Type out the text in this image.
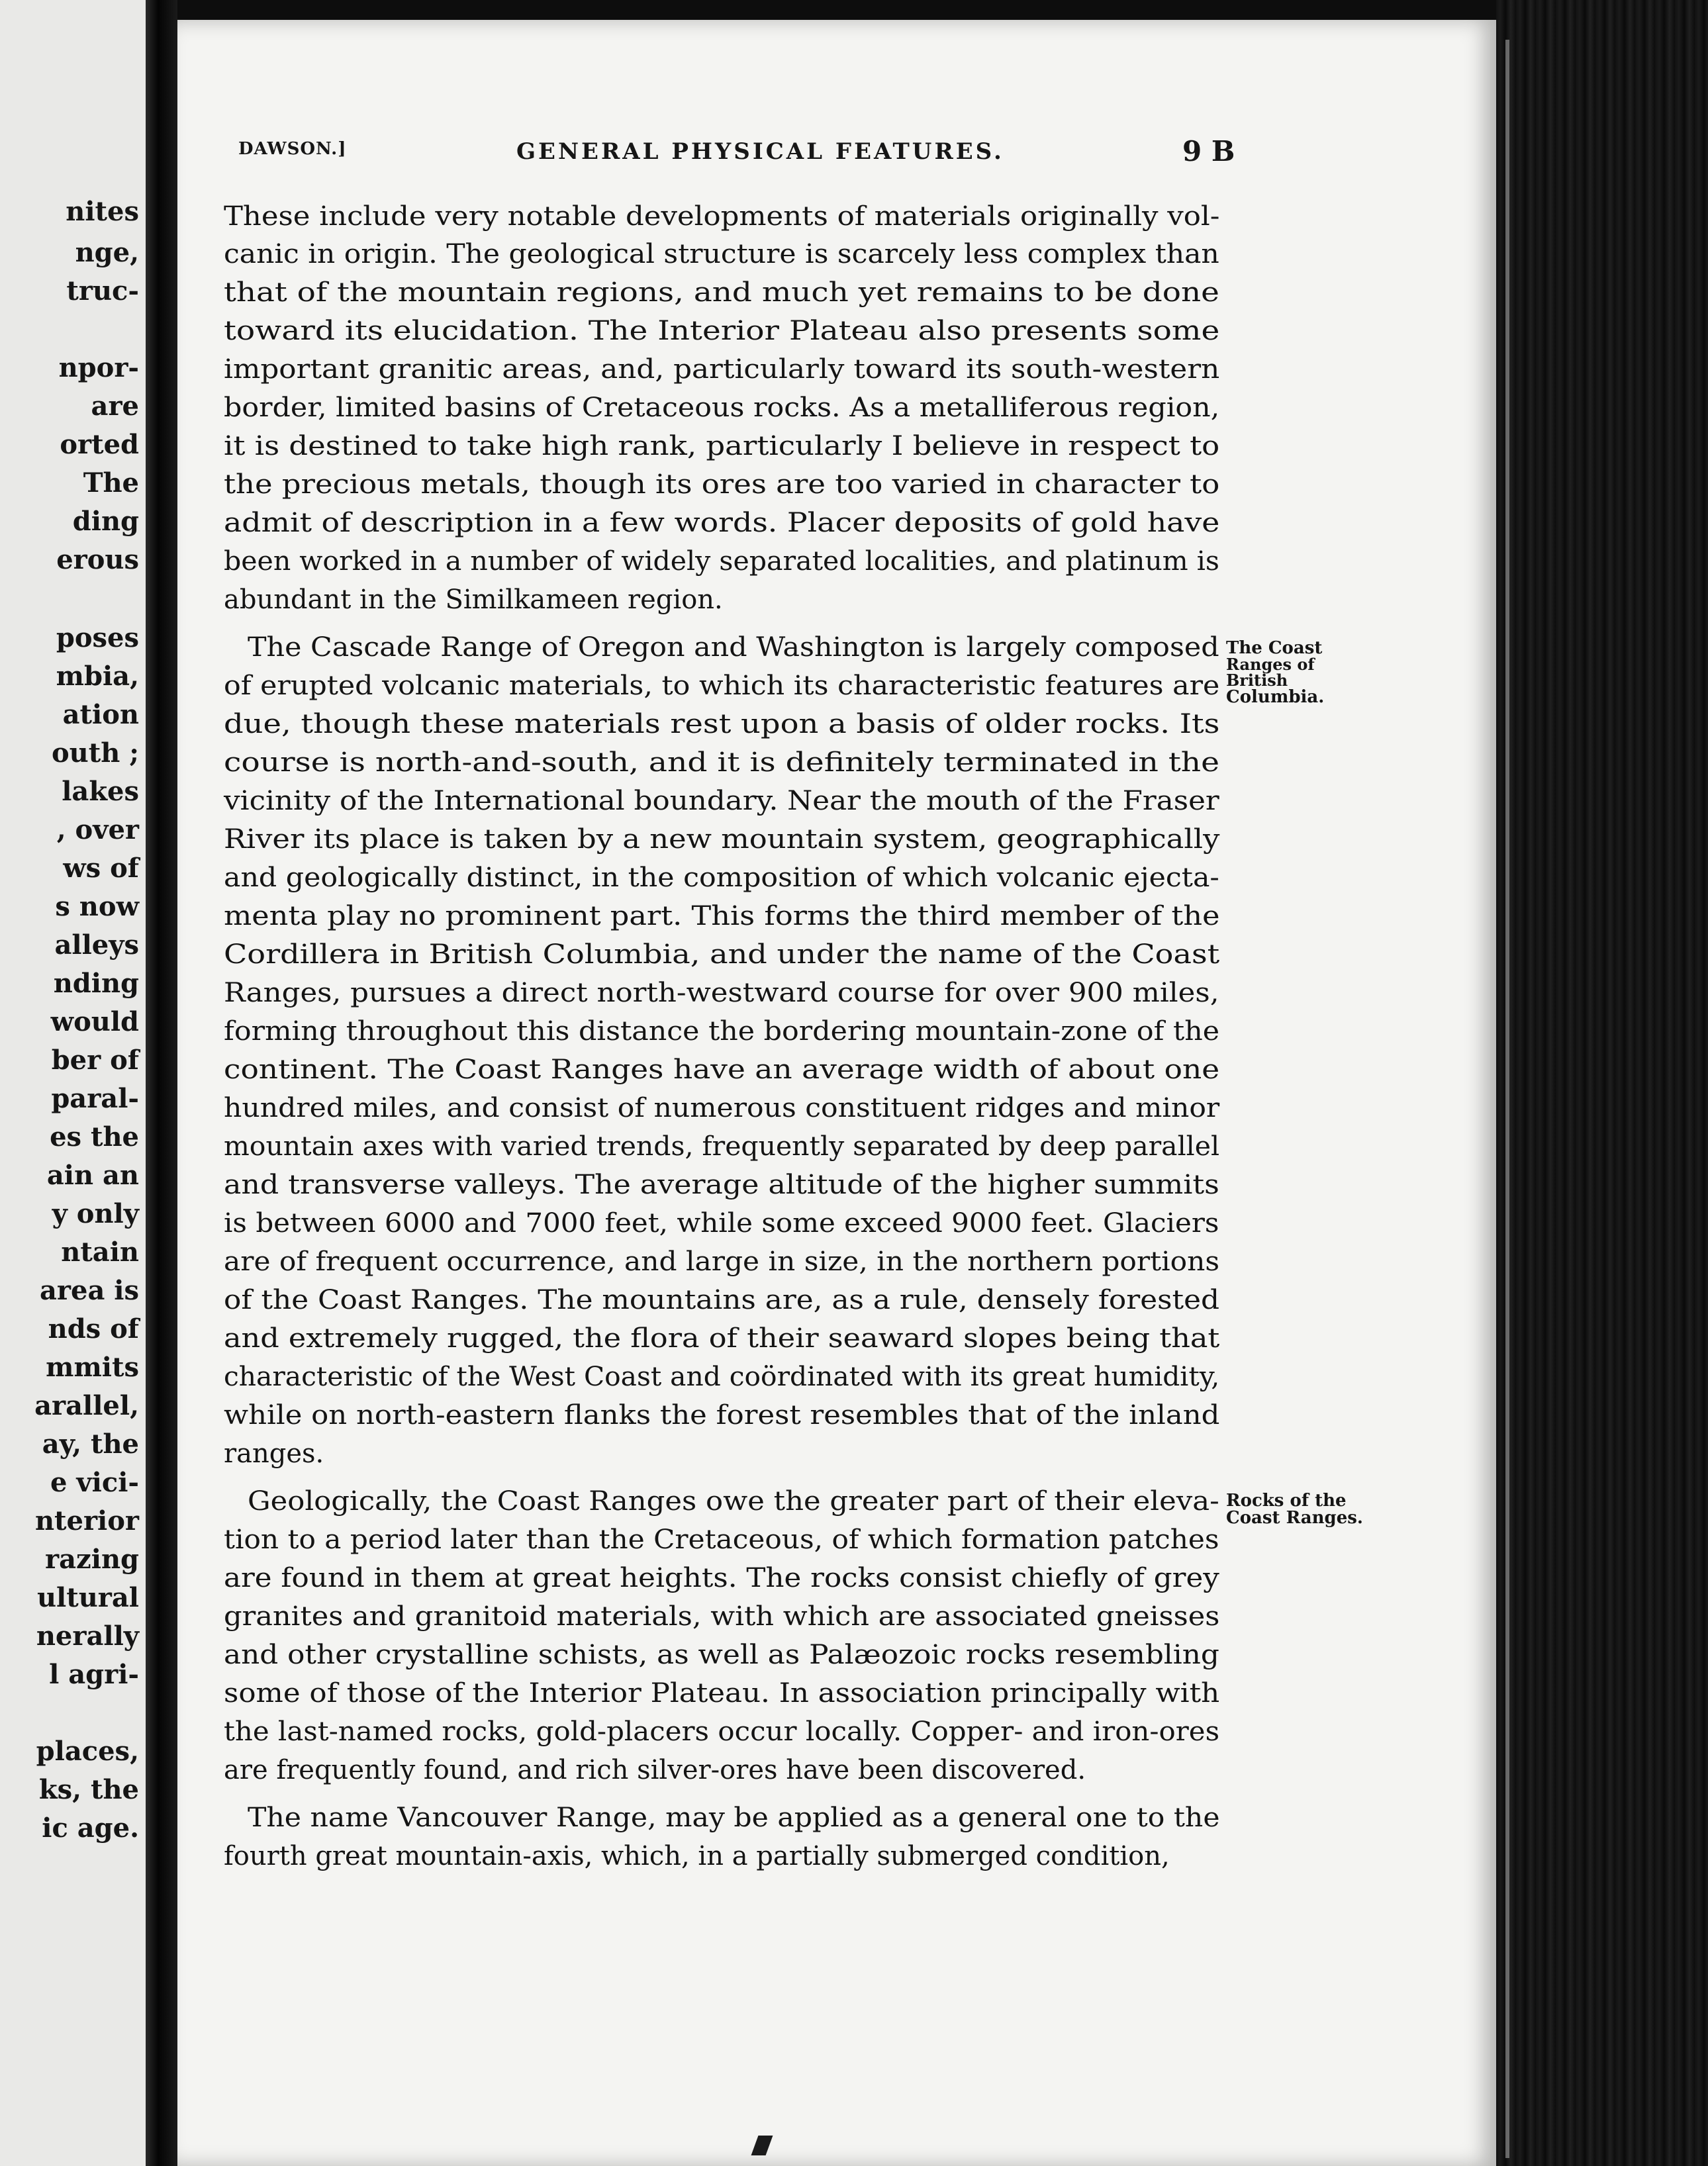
nites
nge,
truc-
npor-
are
orted
The
ding
erous
poses
mbia,
ation
outh ;
lakes
, over
ws of
s now
alleys
nding
would
ber of
paral-
es the
ain an
y only
ntain
area is
nds of
mmits
arallel,
ay, the
e vici-
nterior
razing
ultural
nerally
l agri-
places,
ks, the
ic age.
DAWSON.]	GENERAL PHYSICAL FEATURES.	9 B
These include very notable developments of materials originally vol-
canic in origin. The geological structure is scarcely less complex than
that of the mountain regions, and much yet remains to be done
toward its elucidation. The Interior Plateau also presents some
important granitic areas, and, particularly toward its south-western
border, limited basins of Cretaceous rocks. As a metalliferous region,
it is destined to take high rank, particularly I believe in respect to
the precious metals, though its ores are too varied in character to
admit of description in a few words. Placer deposits of gold have
been worked in a number of widely separated localities, and platinum is
abundant in the Similkameen region.
The Cascade Range of Oregon and Washington is largely composed
of erupted volcanic materials, to which its characteristic features are
due, though these materials rest upon a basis of older rocks. Its
course is north-and-south, and it is definitely terminated in the
vicinity of the International boundary. Near the mouth of the Fraser
River its place is taken by a new mountain system, geographically
and geologically distinct, in the composition of which volcanic ejecta-
menta play no prominent part. This forms the third member of the
Cordillera in British Columbia, and under the name of the Coast
Ranges, pursues a direct north-westward course for over 900 miles,
forming throughout this distance the bordering mountain-zone of the
continent. The Coast Ranges have an average width of about one
hundred miles, and consist of numerous constituent ridges and minor
mountain axes with varied trends, frequently separated by deep parallel
and transverse valleys. The average altitude of the higher summits
is between 6000 and 7000 feet, while some exceed 9000 feet. Glaciers
are of frequent occurrence, and large in size, in the northern portions
of the Coast Ranges. The mountains are, as a rule, densely forested
and extremely rugged, the flora of their seaward slopes being that
characteristic of the West Coast and coördinated with its great humidity,
while on north-eastern flanks the forest resembles that of the inland
ranges.
Geologically, the Coast Ranges owe the greater part of their eleva-
tion to a period later than the Cretaceous, of which formation patches
are found in them at great heights. The rocks consist chiefly of grey
granites and granitoid materials, with which are associated gneisses
and other crystalline schists, as well as Palæozoic rocks resembling
some of those of the Interior Plateau. In association principally with
the last-named rocks, gold-placers occur locally. Copper- and iron-ores
are frequently found, and rich silver-ores have been discovered.
The name Vancouver Range, may be applied as a general one to the
fourth great mountain-axis, which, in a partially submerged condition,
The Coast
Ranges of
British
Columbia.
Rocks of the
Coast Ranges.
